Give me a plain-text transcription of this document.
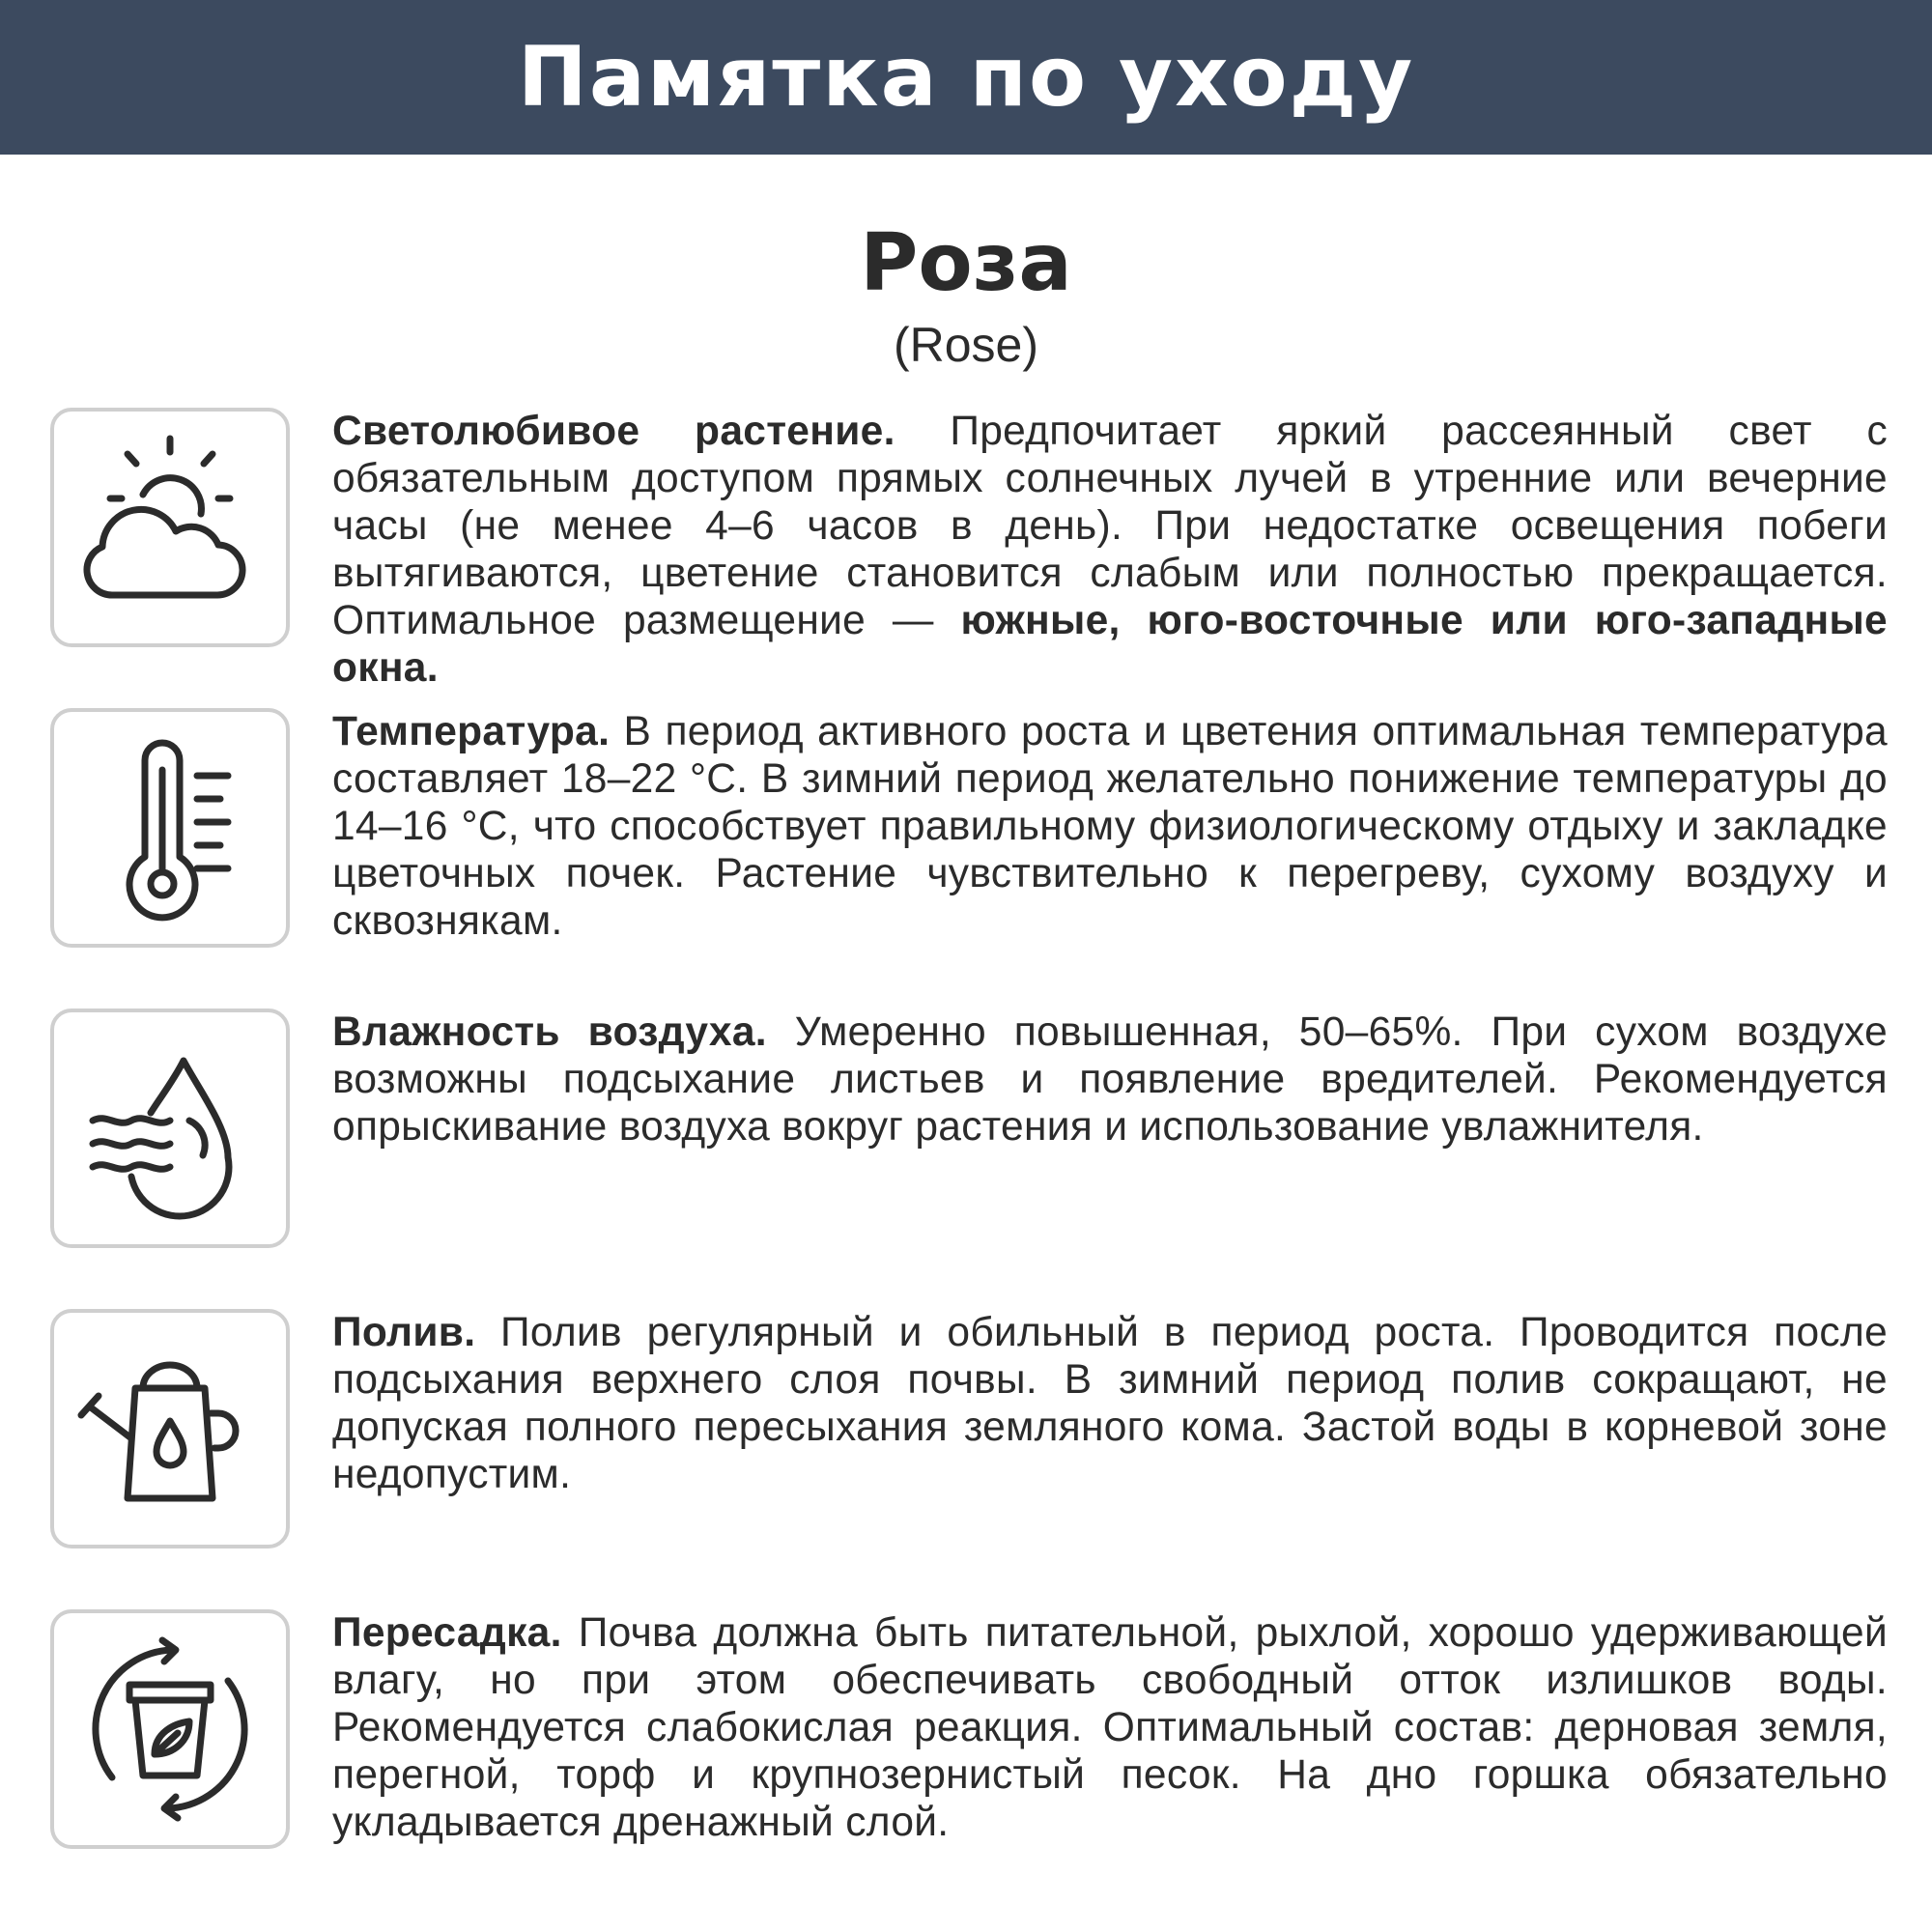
Памятка по уходу
Роза
(Rose)
Светолюбивое растение. Предпочитает яркий рассеянный свет с обязательным доступом прямых солнечных лучей в утренние или вечерние часы (не менее 4–6 часов в день). При недостатке освещения побеги вытягиваются, цветение становится слабым или полностью прекращается. Оптимальное размещение — южные, юго-восточные или юго-западные окна.
Температура. В период активного роста и цветения оптимальная температура составляет 18–22 °С. В зимний период желательно понижение температуры до 14–16 °С, что способствует правильному физиологическому отдыху и закладке цветочных почек. Растение чувствительно к перегреву, сухому воздуху и сквознякам.
Влажность воздуха. Умеренно повышенная, 50–65%. При сухом воздухе возможны подсыхание листьев и появление вредителей. Рекомендуется опрыскивание воздуха вокруг растения и использование увлажнителя.
Полив. Полив регулярный и обильный в период роста. Проводится после подсыхания верхнего слоя почвы. В зимний период полив сокращают, не допуская полного пересыхания земляного кома. Застой воды в корневой зоне недопустим.
Пересадка. Почва должна быть питательной, рыхлой, хорошо удерживающей влагу, но при этом обеспечивать свободный отток излишков воды. Рекомендуется слабокислая реакция. Оптимальный состав: дерновая земля, перегной, торф и крупнозернистый песок. На дно горшка обязательно укладывается дренажный слой.
